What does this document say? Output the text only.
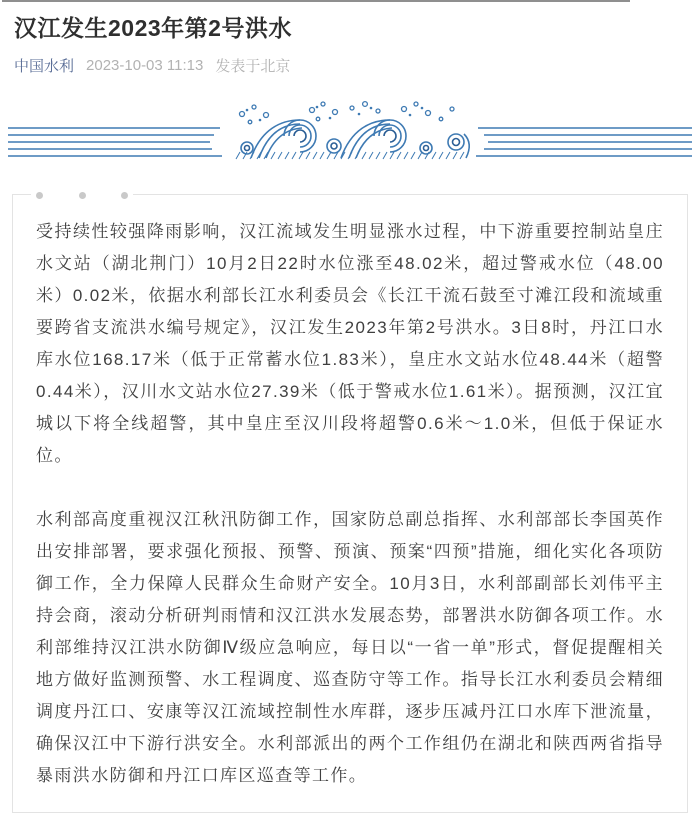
汉江发生2023年第2号洪水
中国水利 2023-10-03 11:13 发表于北京

受持续性较强降雨影响，汉江流域发生明显涨水过程，中下游重要控制站皇庄水文站（湖北荆门）10月2日22时水位涨至48.02米，超过警戒水位（48.00米）0.02米，依据水利部长江水利委员会《长江干流石鼓至寸滩江段和流域重要跨省支流洪水编号规定》，汉江发生2023年第2号洪水。3日8时，丹江口水库水位168.17米（低于正常蓄水位1.83米），皇庄水文站水位48.44米（超警0.44米），汉川水文站水位27.39米（低于警戒水位1.61米）。据预测，汉江宜城以下将全线超警，其中皇庄至汉川段将超警0.6米～1.0米，但低于保证水位。

水利部高度重视汉江秋汛防御工作，国家防总副总指挥、水利部部长李国英作出安排部署，要求强化预报、预警、预演、预案“四预”措施，细化实化各项防御工作，全力保障人民群众生命财产安全。10月3日，水利部副部长刘伟平主持会商，滚动分析研判雨情和汉江洪水发展态势，部署洪水防御各项工作。水利部维持汉江洪水防御Ⅳ级应急响应，每日以“一省一单”形式，督促提醒相关地方做好监测预警、水工程调度、巡查防守等工作。指导长江水利委员会精细调度丹江口、安康等汉江流域控制性水库群，逐步压减丹江口水库下泄流量，确保汉江中下游行洪安全。水利部派出的两个工作组仍在湖北和陕西两省指导暴雨洪水防御和丹江口库区巡查等工作。
